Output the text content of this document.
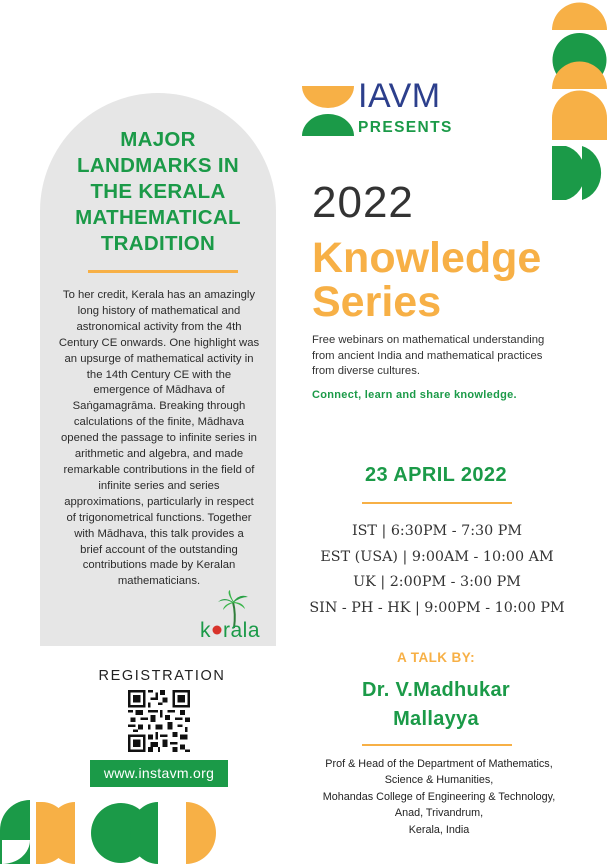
MAJOR
LANDMARKS IN
THE KERALA
MATHEMATICAL
TRADITION
To her credit, Kerala has an amazingly
long history of mathematical and
astronomical activity from the 4th
Century CE onwards. One highlight was
an upsurge of mathematical activity in
the 14th Century CE with the
emergence of Mādhava of
Saṅgamagrāma. Breaking through
calculations of the finite, Mādhava
opened the passage to infinite series in
arithmetic and algebra, and made
remarkable contributions in the field of
infinite series and series
approximations, particularly in respect
of trigonometrical functions. Together
with Mādhava, this talk provides a
brief account of the outstanding
contributions made by Keralan
mathematicians.
k rala
REGISTRATION
www.instavm.org
IAVM
PRESENTS
2022
Knowledge
Series
Free webinars on mathematical understanding
from ancient India and mathematical practices
from diverse cultures.
Connect, learn and share knowledge.
23 APRIL 2022
IST | 6:30PM - 7:30 PM
EST (USA) | 9:00AM - 10:00 AM
UK | 2:00PM - 3:00 PM
SIN - PH - HK | 9:00PM - 10:00 PM
A TALK BY:
Dr. V.Madhukar
Mallayya
Prof & Head of the Department of Mathematics,
Science & Humanities,
Mohandas College of Engineering & Technology,
Anad, Trivandrum,
Kerala, India
